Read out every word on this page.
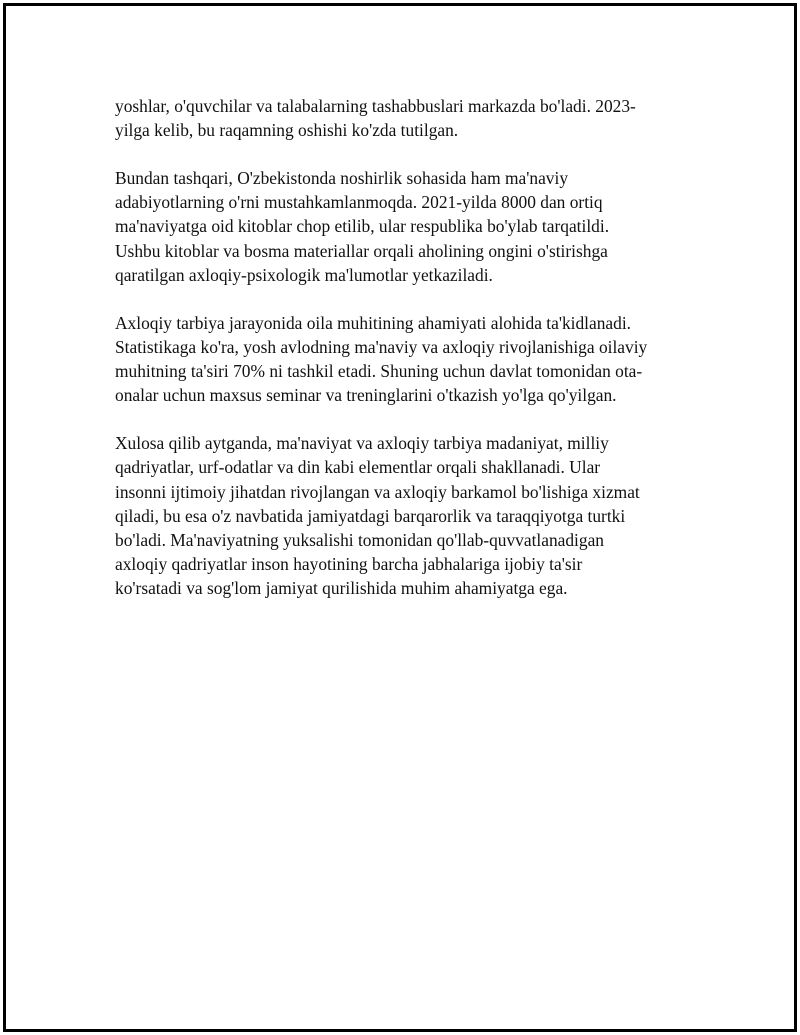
yoshlar, o'quvchilar va talabalarning tashabbuslari markazda bo'ladi. 2023-
yilga kelib, bu raqamning oshishi ko'zda tutilgan.

Bundan tashqari, O'zbekistonda noshirlik sohasida ham ma'naviy
adabiyotlarning o'rni mustahkamlanmoqda. 2021-yilda 8000 dan ortiq
ma'naviyatga oid kitoblar chop etilib, ular respublika bo'ylab tarqatildi.
Ushbu kitoblar va bosma materiallar orqali aholining ongini o'stirishga
qaratilgan axloqiy-psixologik ma'lumotlar yetkaziladi.

Axloqiy tarbiya jarayonida oila muhitining ahamiyati alohida ta'kidlanadi.
Statistikaga ko'ra, yosh avlodning ma'naviy va axloqiy rivojlanishiga oilaviy
muhitning ta'siri 70% ni tashkil etadi. Shuning uchun davlat tomonidan ota-
onalar uchun maxsus seminar va treninglarini o'tkazish yo'lga qo'yilgan.

Xulosa qilib aytganda, ma'naviyat va axloqiy tarbiya madaniyat, milliy
qadriyatlar, urf-odatlar va din kabi elementlar orqali shakllanadi. Ular
insonni ijtimoiy jihatdan rivojlangan va axloqiy barkamol bo'lishiga xizmat
qiladi, bu esa o'z navbatida jamiyatdagi barqarorlik va taraqqiyotga turtki
bo'ladi. Ma'naviyatning yuksalishi tomonidan qo'llab-quvvatlanadigan
axloqiy qadriyatlar inson hayotining barcha jabhalariga ijobiy ta'sir
ko'rsatadi va sog'lom jamiyat qurilishida muhim ahamiyatga ega.
